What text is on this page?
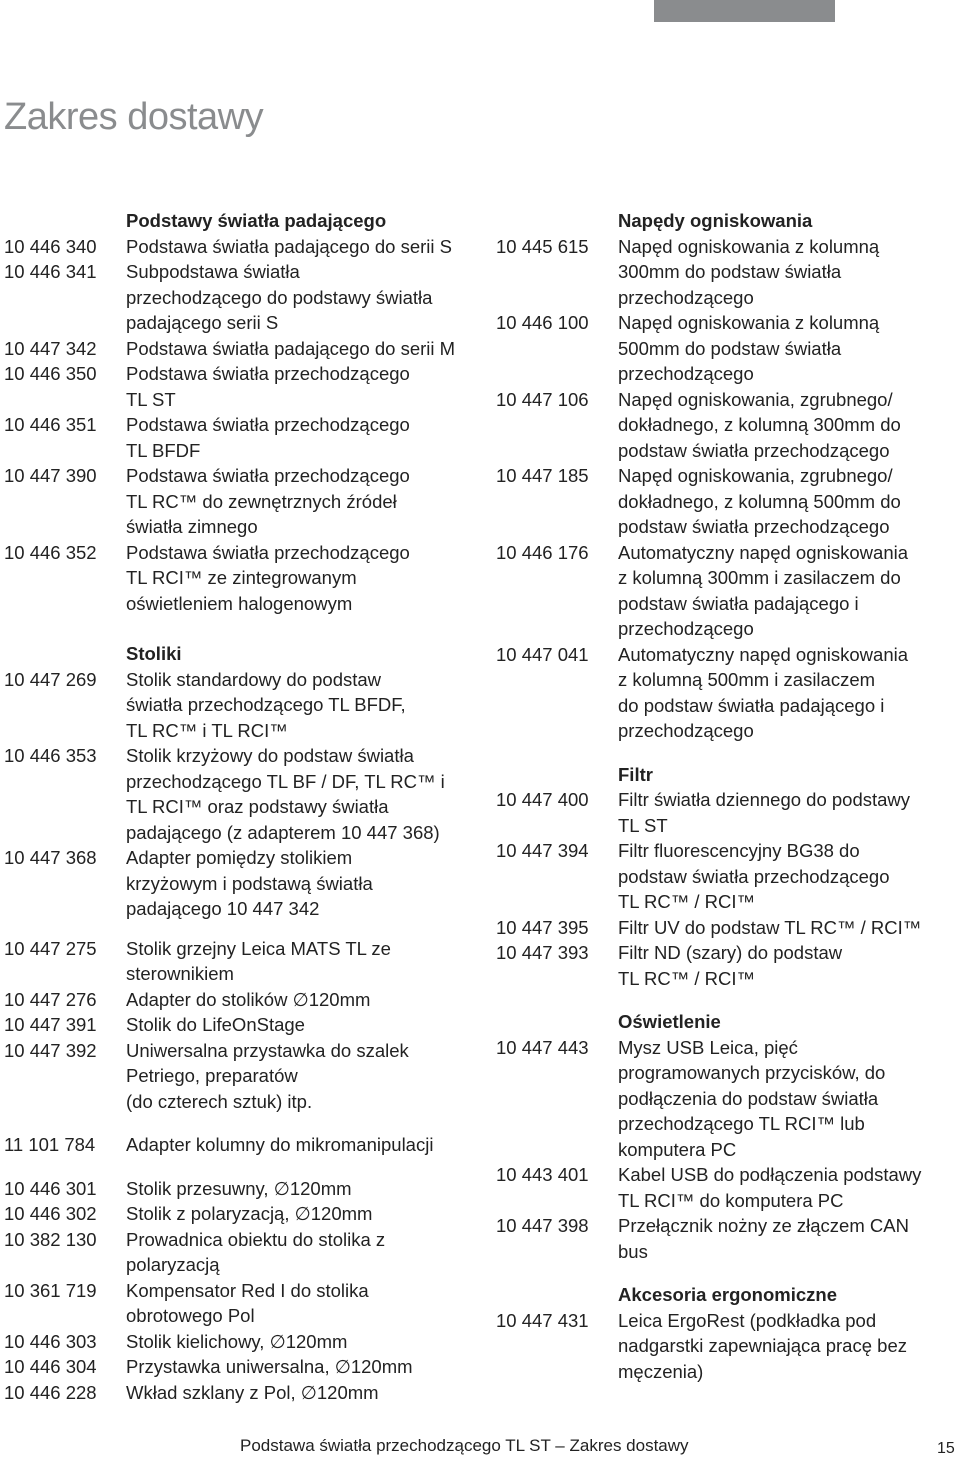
Zakres dostawy
Podstawy światła padającego
10 446 340	Podstawa światła padającego do serii S
10 446 341	Subpodstawa światła
przechodzącego do podstawy światła
padającego serii S
10 447 342	Podstawa światła padającego do serii M
10 446 350	Podstawa światła przechodzącego
TL ST
10 446 351	Podstawa światła przechodzącego
TL BFDF
10 447 390	Podstawa światła przechodzącego
TL RC™ do zewnętrznych źródeł
światła zimnego
10 446 352	Podstawa światła przechodzącego
TL RCI™ ze zintegrowanym
oświetleniem halogenowym
Stoliki
10 447 269	Stolik standardowy do podstaw
światła przechodzącego TL BFDF,
TL RC™ i TL RCI™
10 446 353	Stolik krzyżowy do podstaw światła
przechodzącego TL BF / DF, TL RC™ i
TL RCI™ oraz podstawy światła
padającego (z adapterem 10 447 368)
10 447 368	Adapter pomiędzy stolikiem
krzyżowym i podstawą światła
padającego 10 447 342
10 447 275	Stolik grzejny Leica MATS TL ze
sterownikiem
10 447 276	Adapter do stolików ∅120mm
10 447 391	Stolik do LifeOnStage
10 447 392	Uniwersalna przystawka do szalek
Petriego, preparatów
(do czterech sztuk) itp.
11 101 784	Adapter kolumny do mikromanipulacji
10 446 301	Stolik przesuwny, ∅120mm
10 446 302	Stolik z polaryzacją, ∅120mm
10 382 130	Prowadnica obiektu do stolika z
polaryzacją
10 361 719	Kompensator Red I do stolika
obrotowego Pol
10 446 303	Stolik kielichowy, ∅120mm
10 446 304	Przystawka uniwersalna, ∅120mm
10 446 228	Wkład szklany z Pol, ∅120mm
Napędy ogniskowania
10 445 615	Napęd ogniskowania z kolumną
300mm do podstaw światła
przechodzącego
10 446 100	Napęd ogniskowania z kolumną
500mm do podstaw światła
przechodzącego
10 447 106	Napęd ogniskowania, zgrubnego/
dokładnego, z kolumną 300mm do
podstaw światła przechodzącego
10 447 185	Napęd ogniskowania, zgrubnego/
dokładnego, z kolumną 500mm do
podstaw światła przechodzącego
10 446 176	Automatyczny napęd ogniskowania
z kolumną 300mm i zasilaczem do
podstaw światła padającego i
przechodzącego
10 447 041	Automatyczny napęd ogniskowania
z kolumną 500mm i zasilaczem
do podstaw światła padającego i
przechodzącego
Filtr
10 447 400	Filtr światła dziennego do podstawy
TL ST
10 447 394	Filtr fluorescencyjny BG38 do
podstaw światła przechodzącego
TL RC™ / RCI™
10 447 395	Filtr UV do podstaw TL RC™ / RCI™
10 447 393	Filtr ND (szary) do podstaw
TL RC™ / RCI™
Oświetlenie
10 447 443	Mysz USB Leica, pięć
programowanych przycisków, do
podłączenia do podstaw światła
przechodzącego TL RCI™ lub
komputera PC
10 443 401	Kabel USB do podłączenia podstawy
TL RCI™ do komputera PC
10 447 398	Przełącznik nożny ze złączem CAN
bus
Akcesoria ergonomiczne
10 447 431	Leica ErgoRest (podkładka pod
nadgarstki zapewniająca pracę bez
męczenia)
Podstawa światła przechodzącego TL ST – Zakres dostawy	15
